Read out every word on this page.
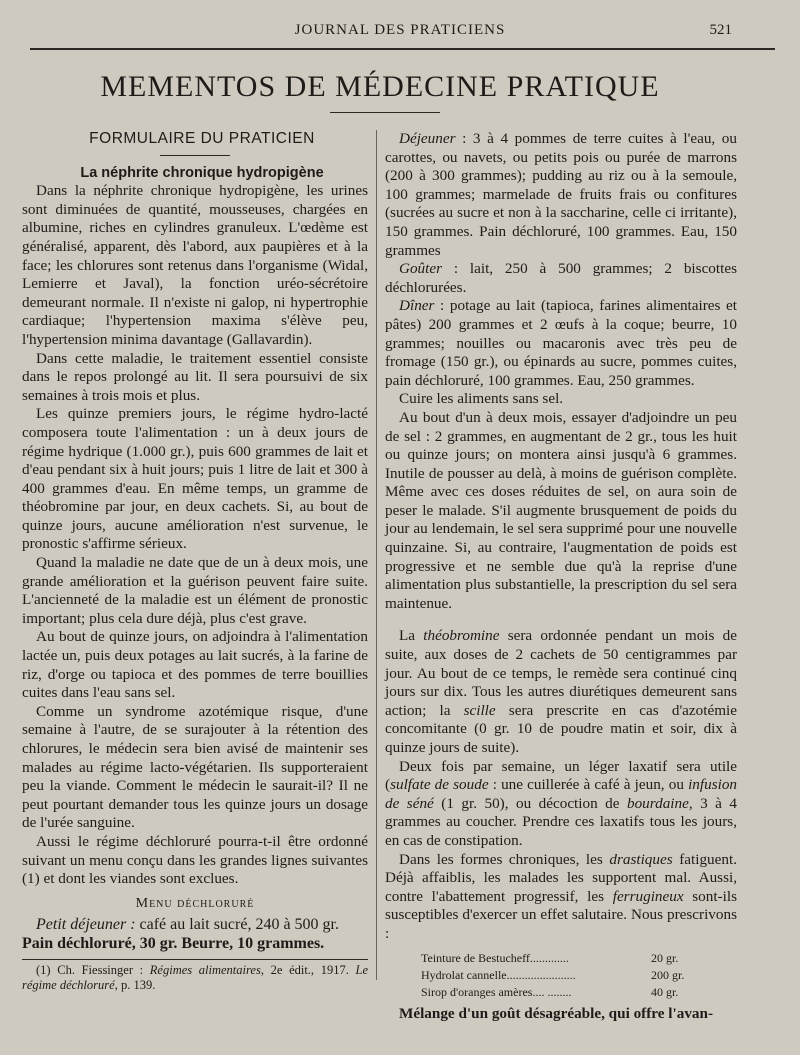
JOURNAL DES PRATICIENS	521
MEMENTOS DE MÉDECINE PRATIQUE

FORMULAIRE DU PRATICIEN

La néphrite chronique hydropigène

Dans la néphrite chronique hydropigène, les urines sont diminuées de quantité, mousseuses, chargées en albumine, riches en cylindres granuleux. L'œdème est généralisé, apparent, dès l'abord, aux paupières et à la face; les chlorures sont retenus dans l'organisme (Widal, Lemierre et Javal), la fonction uréo-sécrétoire demeurant normale. Il n'existe ni galop, ni hypertrophie cardiaque; l'hypertension maxima s'élève peu, l'hypertension minima davantage (Gallavardin).

Dans cette maladie, le traitement essentiel consiste dans le repos prolongé au lit. Il sera poursuivi de six semaines à trois mois et plus.

Les quinze premiers jours, le régime hydro-lacté composera toute l'alimentation : un à deux jours de régime hydrique (1.000 gr.), puis 600 grammes de lait et d'eau pendant six à huit jours; puis 1 litre de lait et 300 à 400 grammes d'eau. En même temps, un gramme de théobromine par jour, en deux cachets. Si, au bout de quinze jours, aucune amélioration n'est survenue, le pronostic s'affirme sérieux.

Quand la maladie ne date que de un à deux mois, une grande amélioration et la guérison peuvent faire suite. L'ancienneté de la maladie est un élément de pronostic important; plus cela dure déjà, plus c'est grave.

Au bout de quinze jours, on adjoindra à l'alimentation lactée un, puis deux potages au lait sucrés, à la farine de riz, d'orge ou tapioca et des pommes de terre bouillies cuites dans l'eau sans sel.

Comme un syndrome azotémique risque, d'une semaine à l'autre, de se surajouter à la rétention des chlorures, le médecin sera bien avisé de maintenir ses malades au régime lacto-végétarien. Ils supporteraient peu la viande. Comment le médecin le saurait-il? Il ne peut pourtant demander tous les quinze jours un dosage de l'urée sanguine.

Aussi le régime déchloruré pourra-t-il être ordonné suivant un menu conçu dans les grandes lignes suivantes (1) et dont les viandes sont exclues.

Menu déchloruré

Petit déjeuner : café au lait sucré, 240 à 500 gr.

Pain déchloruré, 30 gr. Beurre, 10 grammes.

(1) Ch. Fiessinger : Régimes alimentaires, 2e édit., 1917. Le régime déchloruré, p. 139.

Déjeuner : 3 à 4 pommes de terre cuites à l'eau, ou carottes, ou navets, ou petits pois ou purée de marrons (200 à 300 grammes); pudding au riz ou à la semoule, 100 grammes; marmelade de fruits frais ou confitures (sucrées au sucre et non à la saccharine, celle ci irritante), 150 grammes. Pain déchloruré, 100 grammes. Eau, 150 grammes

Goûter : lait, 250 à 500 grammes; 2 biscottes déchlorurées.

Dîner : potage au lait (tapioca, farines alimentaires et pâtes) 200 grammes et 2 œufs à la coque; beurre, 10 grammes; nouilles ou macaronis avec très peu de fromage (150 gr.), ou épinards au sucre, pommes cuites, pain déchloruré, 100 grammes. Eau, 250 grammes.

Cuire les aliments sans sel.

Au bout d'un à deux mois, essayer d'adjoindre un peu de sel : 2 grammes, en augmentant de 2 gr., tous les huit ou quinze jours; on montera ainsi jusqu'à 6 grammes. Inutile de pousser au delà, à moins de guérison complète. Même avec ces doses réduites de sel, on aura soin de peser le malade. S'il augmente brusquement de poids du jour au lendemain, le sel sera supprimé pour une nouvelle quinzaine. Si, au contraire, l'augmentation de poids est progressive et ne semble due qu'à la reprise d'une alimentation plus substantielle, la prescription du sel sera maintenue.

La théobromine sera ordonnée pendant un mois de suite, aux doses de 2 cachets de 50 centigrammes par jour. Au bout de ce temps, le remède sera continué cinq jours sur dix. Tous les autres diurétiques demeurent sans action; la scille sera prescrite en cas d'azotémie concomitante (0 gr. 10 de poudre matin et soir, dix à quinze jours de suite).

Deux fois par semaine, un léger laxatif sera utile (sulfate de soude : une cuillerée à café à jeun, ou infusion de séné (1 gr. 50), ou décoction de bourdaine, 3 à 4 grammes au coucher. Prendre ces laxatifs tous les jours, en cas de constipation.

Dans les formes chroniques, les drastiques fatiguent. Déjà affaiblis, les malades les supportent mal. Aussi, contre l'abattement progressif, les ferrugineux sont-ils susceptibles d'exercer un effet salutaire. Nous prescrivons :

Teinture de Bestucheff.............	20 gr.
Hydrolat cannelle.......................	200 gr.
Sirop d'oranges amères.... ........	40 gr.

Mélange d'un goût désagréable, qui offre l'avan-
